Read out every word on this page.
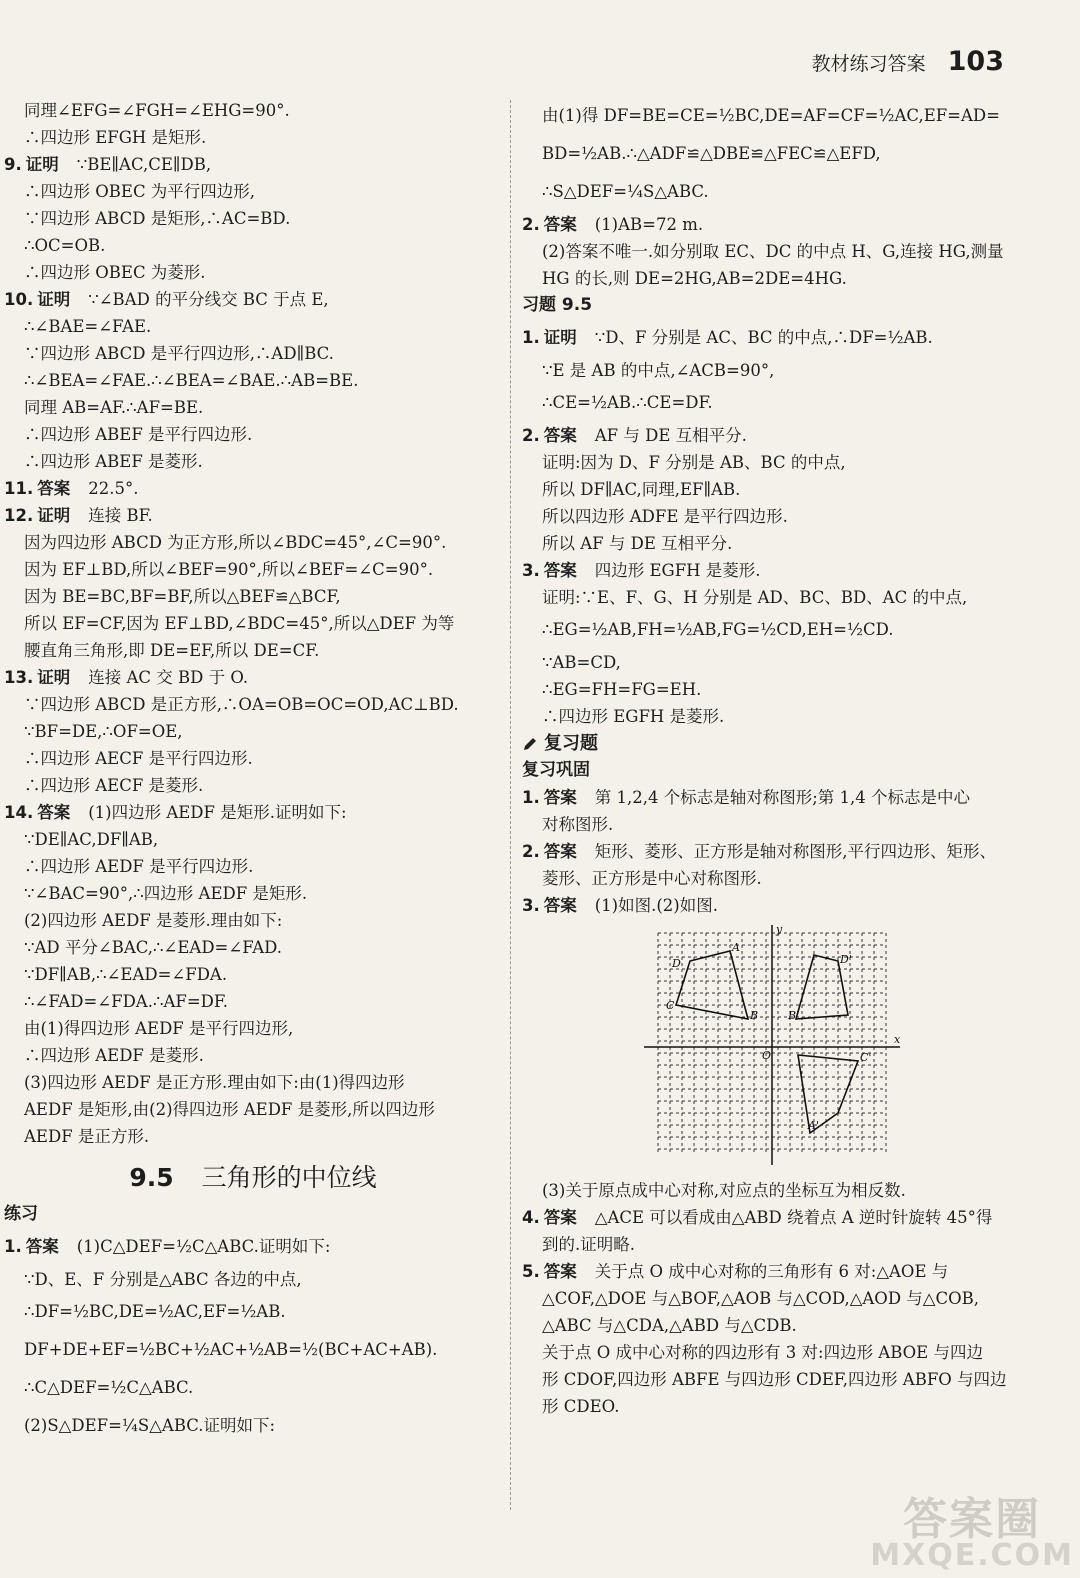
教材练习答案 103
同理∠EFG=∠FGH=∠EHG=90°.
∴四边形 EFGH 是矩形.
9. 证明 ∵BE∥AC,CE∥DB,
∴四边形 OBEC 为平行四边形,
∵四边形 ABCD 是矩形,∴AC=BD.
∴OC=OB.
∴四边形 OBEC 为菱形.
10. 证明 ∵∠BAD 的平分线交 BC 于点 E,
∴∠BAE=∠FAE.
∵四边形 ABCD 是平行四边形,∴AD∥BC.
∴∠BEA=∠FAE.∴∠BEA=∠BAE.∴AB=BE.
同理 AB=AF.∴AF=BE.
∴四边形 ABEF 是平行四边形.
∴四边形 ABEF 是菱形.
11. 答案 22.5°.
12. 证明 连接 BF.
因为四边形 ABCD 为正方形,所以∠BDC=45°,∠C=90°.
因为 EF⊥BD,所以∠BEF=90°,所以∠BEF=∠C=90°.
因为 BE=BC,BF=BF,所以△BEF≌△BCF,
所以 EF=CF,因为 EF⊥BD,∠BDC=45°,所以△DEF 为等
腰直角三角形,即 DE=EF,所以 DE=CF.
13. 证明 连接 AC 交 BD 于 O.
∵四边形 ABCD 是正方形,∴OA=OB=OC=OD,AC⊥BD.
∵BF=DE,∴OF=OE,
∴四边形 AECF 是平行四边形.
∴四边形 AECF 是菱形.
14. 答案 (1)四边形 AEDF 是矩形.证明如下:
∵DE∥AC,DF∥AB,
∴四边形 AEDF 是平行四边形.
∵∠BAC=90°,∴四边形 AEDF 是矩形.
(2)四边形 AEDF 是菱形.理由如下:
∵AD 平分∠BAC,∴∠EAD=∠FAD.
∵DF∥AB,∴∠EAD=∠FDA.
∴∠FAD=∠FDA.∴AF=DF.
由(1)得四边形 AEDF 是平行四边形,
∴四边形 AEDF 是菱形.
(3)四边形 AEDF 是正方形.理由如下:由(1)得四边形
AEDF 是矩形,由(2)得四边形 AEDF 是菱形,所以四边形
AEDF 是正方形.
9.5 三角形的中位线
练习
1. 答案 (1)C△DEF=½C△ABC.证明如下:
∵D、E、F 分别是△ABC 各边的中点,
∴DF=½BC,DE=½AC,EF=½AB.
DF+DE+EF=½BC+½AC+½AB=½(BC+AC+AB).
∴C△DEF=½C△ABC.
(2)S△DEF=¼S△ABC.证明如下:
由(1)得 DF=BE=CE=½BC,DE=AF=CF=½AC,EF=AD=
BD=½AB.∴△ADF≌△DBE≌△FEC≌△EFD,
∴S△DEF=¼S△ABC.
2. 答案 (1)AB=72 m.
(2)答案不唯一.如分别取 EC、DC 的中点 H、G,连接 HG,测量
HG 的长,则 DE=2HG,AB=2DE=4HG.
习题 9.5
1. 证明 ∵D、F 分别是 AC、BC 的中点,∴DF=½AB.
∵E 是 AB 的中点,∠ACB=90°,
∴CE=½AB.∴CE=DF.
2. 答案 AF 与 DE 互相平分.
证明:因为 D、F 分别是 AB、BC 的中点,
所以 DF∥AC,同理,EF∥AB.
所以四边形 ADFE 是平行四边形.
所以 AF 与 DE 互相平分.
3. 答案 四边形 EGFH 是菱形.
证明:∵E、F、G、H 分别是 AD、BC、BD、AC 的中点,
∴EG=½AB,FH=½AB,FG=½CD,EH=½CD.
∵AB=CD,
∴EG=FH=FG=EH.
∴四边形 EGFH 是菱形.
复习题
复习巩固
1. 答案 第 1,2,4 个标志是轴对称图形;第 1,4 个标志是中心
对称图形.
2. 答案 矩形、菱形、正方形是轴对称图形,平行四边形、矩形、
菱形、正方形是中心对称图形.
3. 答案 (1)如图.(2)如图.
y
x
O
A
B
C
D
A'
B'
C'
D'
(3)关于原点成中心对称,对应点的坐标互为相反数.
4. 答案 △ACE 可以看成由△ABD 绕着点 A 逆时针旋转 45°得
到的.证明略.
5. 答案 关于点 O 成中心对称的三角形有 6 对:△AOE 与
△COF,△DOE 与△BOF,△AOB 与△COD,△AOD 与△COB,
△ABC 与△CDA,△ABD 与△CDB.
关于点 O 成中心对称的四边形有 3 对:四边形 ABOE 与四边
形 CDOF,四边形 ABFE 与四边形 CDEF,四边形 ABFO 与四边
形 CDEO.
答案圈
MXQE.COM
